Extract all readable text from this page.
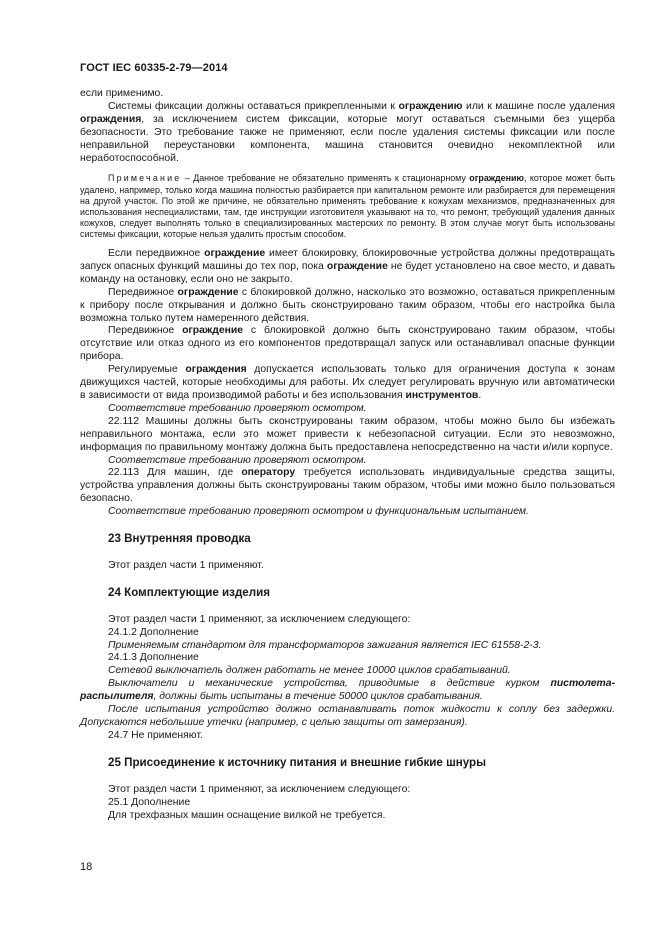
ГОСТ IEC 60335-2-79—2014

если применимо.

Системы фиксации должны оставаться прикрепленными к ограждению или к машине после удаления ограждения, за исключением систем фиксации, которые могут оставаться съемными без ущерба безопасности. Это требование также не применяют, если после удаления системы фиксации или после неправильной переустановки компонента, машина становится очевидно некомплектной или неработоспособной.

Примечание – Данное требование не обязательно применять к стационарному ограждению, которое может быть удалено, например, только когда машина полностью разбирается при капитальном ремонте или разбирается для перемещения на другой участок. По этой же причине, не обязательно применять требование к кожухам механизмов, предназначенных для использования неспециалистами, там, где инструкции изготовителя указывают на то, что ремонт, требующий удаления данных кожухов, следует выполнять только в специализированных мастерских по ремонту. В этом случае могут быть использованы системы фиксации, которые нельзя удалить простым способом.

Если передвижное ограждение имеет блокировку, блокировочные устройства должны предотвращать запуск опасных функций машины до тех пор, пока ограждение не будет установлено на свое место, и давать команду на остановку, если оно не закрыто.

Передвижное ограждение с блокировкой должно, насколько это возможно, оставаться прикрепленным к прибору после открывания и должно быть сконструировано таким образом, чтобы его настройка была возможна только путем намеренного действия.

Передвижное ограждение с блокировкой должно быть сконструировано таким образом, чтобы отсутствие или отказ одного из его компонентов предотвращал запуск или останавливал опасные функции прибора.

Регулируемые ограждения допускается использовать только для ограничения доступа к зонам движущихся частей, которые необходимы для работы. Их следует регулировать вручную или автоматически в зависимости от вида производимой работы и без использования инструментов.

Соответствие требованию проверяют осмотром.

22.112 Машины должны быть сконструированы таким образом, чтобы можно было бы избежать неправильного монтажа, если это может привести к небезопасной ситуации. Если это невозможно, информация по правильному монтажу должна быть предоставлена непосредственно на части и/или корпусе.

Соответствие требованию проверяют осмотром.

22.113 Для машин, где оператору требуется использовать индивидуальные средства защиты, устройства управления должны быть сконструированы таким образом, чтобы ими можно было пользоваться безопасно.

Соответствие требованию проверяют осмотром и функциональным испытанием.

23 Внутренняя проводка

Этот раздел части 1 применяют.

24 Комплектующие изделия

Этот раздел части 1 применяют, за исключением следующего:

24.1.2 Дополнение

Применяемым стандартом для трансформаторов зажигания является IEC 61558-2-3.

24.1.3 Дополнение

Сетевой выключатель должен работать не менее 10000 циклов срабатываний.

Выключатели и механические устройства, приводимые в действие курком пистолета-распылителя, должны быть испытаны в течение 50000 циклов срабатывания.

После испытания устройство должно останавливать поток жидкости к соплу без задержки. Допускаются небольшие утечки (например, с целью защиты от замерзания).

24.7 Не применяют.

25 Присоединение к источнику питания и внешние гибкие шнуры

Этот раздел части 1 применяют, за исключением следующего:

25.1 Дополнение

Для трехфазных машин оснащение вилкой не требуется.

18
